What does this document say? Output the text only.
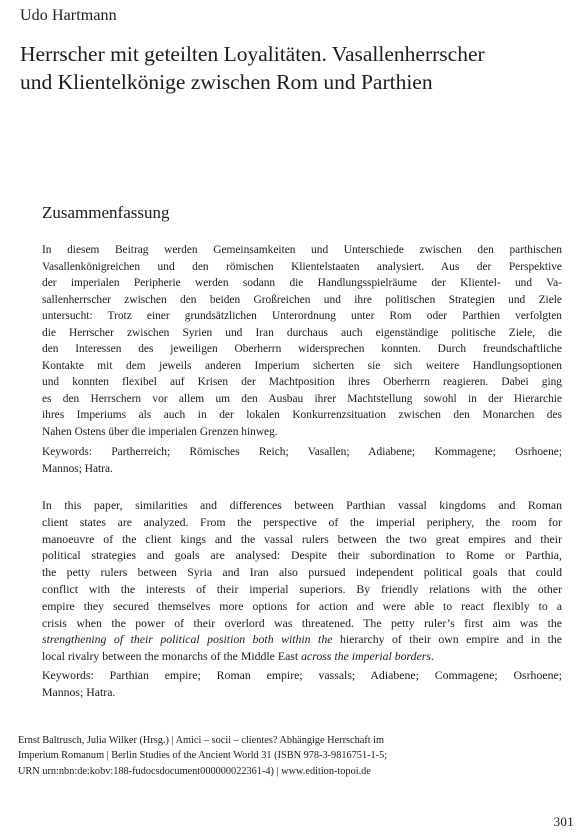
Udo Hartmann
Herrscher mit geteilten Loyalitäten. Vasallenherrscher
und Klientelkönige zwischen Rom und Parthien
Zusammenfassung
In diesem Beitrag werden Gemeinsamkeiten und Unterschiede zwischen den parthischen
Vasallenkönigreichen und den römischen Klientelstaaten analysiert. Aus der Perspektive
der imperialen Peripherie werden sodann die Handlungsspielräume der Klientel- und Va-
sallenherrscher zwischen den beiden Großreichen und ihre politischen Strategien und Ziele
untersucht: Trotz einer grundsätzlichen Unterordnung unter Rom oder Parthien verfolgten
die Herrscher zwischen Syrien und Iran durchaus auch eigenständige politische Ziele, die
den Interessen des jeweiligen Oberherrn widersprechen konnten. Durch freundschaftliche
Kontakte mit dem jeweils anderen Imperium sicherten sie sich weitere Handlungsoptionen
und konnten flexibel auf Krisen der Machtposition ihres Oberherrn reagieren. Dabei ging
es den Herrschern vor allem um den Ausbau ihrer Machtstellung sowohl in der Hierarchie
ihres Imperiums als auch in der lokalen Konkurrenzsituation zwischen den Monarchen des
Nahen Ostens über die imperialen Grenzen hinweg.
Keywords: Partherreich; Römisches Reich; Vasallen; Adiabene; Kommagene; Osrhoene;
Mannos; Hatra.
In this paper, similarities and differences between Parthian vassal kingdoms and Roman
client states are analyzed. From the perspective of the imperial periphery, the room for
manoeuvre of the client kings and the vassal rulers between the two great empires and their
political strategies and goals are analysed: Despite their subordination to Rome or Parthia,
the petty rulers between Syria and Iran also pursued independent political goals that could
conflict with the interests of their imperial superiors. By friendly relations with the other
empire they secured themselves more options for action and were able to react flexibly to a
crisis when the power of their overlord was threatened. The petty ruler’s first aim was the
strengthening of their political position both within the hierarchy of their own empire and in the
local rivalry between the monarchs of the Middle East across the imperial borders.
Keywords: Parthian empire; Roman empire; vassals; Adiabene; Commagene; Osrhoene;
Mannos; Hatra.
Ernst Baltrusch, Julia Wilker (Hrsg.) | Amici – socii – clientes? Abhängige Herrschaft im
Imperium Romanum | Berlin Studies of the Ancient World 31 (ISBN 978-3-9816751-1-5;
URN urn:nbn:de:kobv:188-fudocsdocument000000022361-4) | www.edition-topoi.de
301
